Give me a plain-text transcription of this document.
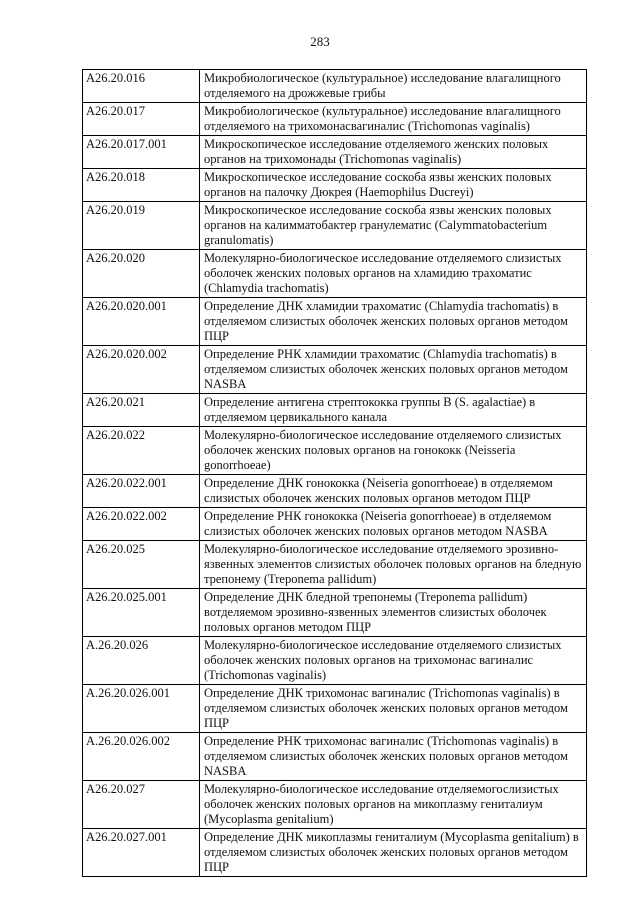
283
A26.20.016	Микробиологическое (культуральное) исследование влагалищного отделяемого на дрожжевые грибы
A26.20.017	Микробиологическое (культуральное) исследование влагалищного отделяемого на трихомонасвагиналис (Trichomonas vaginalis)
A26.20.017.001	Микроскопическое исследование отделяемого женских половых органов на трихомонады (Trichomonas vaginalis)
A26.20.018	Микроскопическое исследование соскоба язвы женских половых органов на палочку Дюкрея (Haemophilus Ducreyi)
A26.20.019	Микроскопическое исследование соскоба язвы женских половых органов на калимматобактер гранулематис (Calymmatobacterium granulomatis)
A26.20.020	Молекулярно-биологическое исследование отделяемого слизистых оболочек женских половых органов на хламидию трахоматис (Chlamydia trachomatis)
A26.20.020.001	Определение ДНК хламидии трахоматис (Chlamydia trachomatis) в отделяемом слизистых оболочек женских половых органов методом ПЦР
A26.20.020.002	Определение РНК хламидии трахоматис (Chlamydia trachomatis) в отделяемом слизистых оболочек женских половых органов методом NASBA
A26.20.021	Определение антигена стрептококка группы В (S. agalactiae) в отделяемом цервикального канала
A26.20.022	Молекулярно-биологическое исследование отделяемого слизистых оболочек женских половых органов на гонококк (Neisseria gonorrhoeae)
A26.20.022.001	Определение ДНК гонококка (Neiseria gonorrhoeae) в отделяемом слизистых оболочек женских половых органов методом ПЦР
A26.20.022.002	Определение РНК гонококка (Neiseria gonorrhoeae) в отделяемом слизистых оболочек женских половых органов методом NASBA
A26.20.025	Молекулярно-биологическое исследование отделяемого эрозивно-язвенных элементов слизистых оболочек половых органов на бледную трепонему (Treponema pallidum)
A26.20.025.001	Определение ДНК бледной трепонемы (Treponema pallidum) вотделяемом эрозивно-язвенных элементов слизистых оболочек половых органов методом ПЦР
A.26.20.026	Молекулярно-биологическое исследование отделяемого слизистых оболочек женских половых органов на трихомонас вагиналис (Trichomonas vaginalis)
A.26.20.026.001	Определение ДНК трихомонас вагиналис (Trichomonas vaginalis) в отделяемом слизистых оболочек женских половых органов методом ПЦР
A.26.20.026.002	Определение РНК трихомонас вагиналис (Trichomonas vaginalis) в отделяемом слизистых оболочек женских половых органов методом NASBA
A26.20.027	Молекулярно-биологическое исследование отделяемогослизистых оболочек женских половых органов на микоплазму гениталиум (Mycoplasma genitalium)
A26.20.027.001	Определение ДНК микоплазмы гениталиум (Mycoplasma genitalium) в отделяемом слизистых оболочек женских половых органов методом ПЦР
